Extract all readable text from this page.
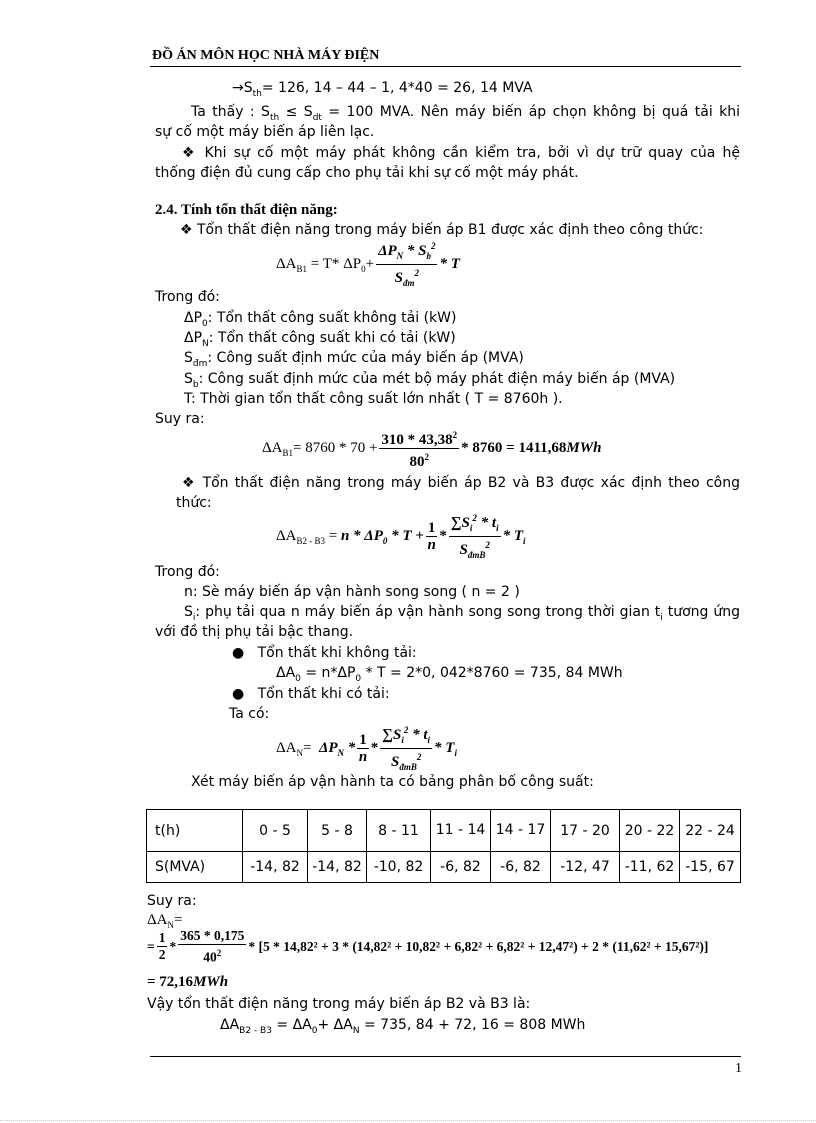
ĐỒ ÁN MÔN HỌC NHÀ MÁY ĐIỆN
$\to S_{th}= 126$, 14 – 44 – 1, 4*40 = 26, 14 MVA
Ta thấy : $S_{th} \le S_{dt} = 100$ MVA. Nên máy biến áp chọn không bị quá tải khi
sự cố một máy biến áp liên lạc.
❖ Khi sự cố một máy phát không cần kiểm tra, bởi vì dự trữ quay của hệ
thống điện đủ cung cấp cho phụ tải khi sự cố một máy phát.
2.4. Tính tổn thất điện năng:
❖ Tổn thất điện năng trong máy biến áp B1 được xác định theo công thức:
$\Delta A_{B1} = T*$ $\Delta P_0+ \frac{\Delta P_N * S_b^2}{S_{đm}^2} * T$
Trong đó:
$\Delta P_0$: Tổn thất công suất không tải (kW)
$\Delta P_N$: Tổn thất công suất khi có tải (kW)
$S_{đm}$: Công suất định mức của máy biến áp (MVA)
$S_b$: Công suất định mức của mét bộ máy phát điện máy biến áp (MVA)
T: Thời gian tổn thất công suất lớn nhất ( T = 8760h ).
Suy ra:
$\Delta A_{B1} = 8760 * 70 + \frac{310 * 43,38^2}{80^2} * 8760 = 1411,68$ MWh
❖ Tổn thất điện năng trong máy biến áp B2 và B3 được xác định theo công
thức:
$\Delta A_{B2 - B3} = n * \Delta P_0 * T + \frac{1}{n} * \frac{\sum S_i^2 * t_i}{S_{đmB}^2} * T_i$
Trong đó:
n: Sè máy biến áp vận hành song song ( n = 2 )
$S_i$: phụ tải qua n máy biến áp vận hành song song trong thời gian $t_i$ tương ứng
với đồ thị phụ tải bậc thang.
●   Tổn thất khi không tải:
$\Delta A_0 = n*\Delta P_0 * T = 2*0$, 042*8760 = 735, 84 MWh
●   Tổn thất khi có tải:
Ta có:
$\Delta A_N= \Delta P_N * \frac{1}{n} * \frac{\sum S_i^2 * t_i}{S_{đmB}^2} * T_i$
Xét máy biến áp vận hành ta có bảng phân bố công suất:
t(h)	0 - 5	5 - 8	8 - 11	11 - 14	14 - 17	17 - 20	20 - 22	22 - 24
S(MVA)	-14, 82	-14, 82	-10, 82	-6, 82	-6, 82	-12, 47	-11, 62	-15, 67
Suy ra:
$\Delta A_N=$
= $\frac{1}{2} * \frac{365 * 0,175}{40^2} * [5 * 14,82^2 + 3 * (14,82^2 + 10,82^2 + 6,82^2 + 6,82^2 + 12,47^2) + 2 * (11,62^2 + 15,67^2)]$
= 72,16MWh
Vậy tổn thất điện năng trong máy biến áp B2 và B3 là:
$\Delta A_{B2 - B3} = \Delta A_0+ \Delta A_N = 735$, 84 + 72, 16 = 808 MWh
1
